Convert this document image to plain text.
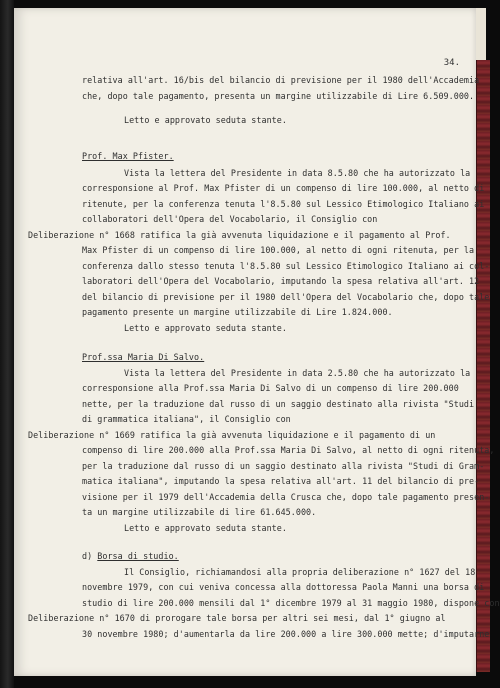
34.
relativa all'art. 16/bis del bilancio di previsione per il 1980 dell'Accademia
che, dopo tale pagamento, presenta un margine utilizzabile di Lire 6.509.000.
Letto e approvato seduta stante.
Prof. Max Pfister.
Vista la lettera del Presidente in data 8.5.80 che ha autorizzato la
corresponsione al Prof. Max Pfister di un compenso di lire 100.000, al netto di
ritenute, per la conferenza tenuta l'8.5.80 sul Lessico Etimologico Italiano ai
collaboratori dell'Opera del Vocabolario, il Consiglio con
Deliberazione n° 1668 ratifica la già avvenuta liquidazione e il pagamento al Prof.
Max Pfister di un compenso di lire 100.000, al netto di ogni ritenuta, per la
conferenza dallo stesso tenuta l'8.5.80 sul Lessico Etimologico Italiano ai col-
laboratori dell'Opera del Vocabolario, imputando la spesa relativa all'art. 12
del bilancio di previsione per il 1980 dell'Opera del Vocabolario che, dopo tale
pagamento presente un margine utilizzabile di Lire 1.824.000.
Letto e approvato seduta stante.
Prof.ssa Maria Di Salvo.
Vista la lettera del Presidente in data 2.5.80 che ha autorizzato la
corresponsione alla Prof.ssa Maria Di Salvo di un compenso di lire 200.000
nette, per la traduzione dal russo di un saggio destinato alla rivista "Studi
di grammatica italiana", il Consiglio con
Deliberazione n° 1669 ratifica la già avvenuta liquidazione e il pagamento di un
compenso di lire 200.000 alla Prof.ssa Maria Di Salvo, al netto di ogni ritenuta,
per la traduzione dal russo di un saggio destinato alla rivista "Studi di Gram-
matica italiana", imputando la spesa relativa all'art. 11 del bilancio di pre-
visione per il 1979 dell'Accademia della Crusca che, dopo tale pagamento presen-
ta un margine utilizzabile di lire 61.645.000.
Letto e approvato seduta stante.
d) Borsa di studio.
Il Consiglio, richiamandosi alla propria deliberazione n° 1627 del 18
novembre 1979, con cui veniva concessa alla dottoressa Paola Manni una borsa di
studio di lire 200.000 mensili dal 1° dicembre 1979 al 31 maggio 1980, dispone con
Deliberazione n° 1670 di prorogare tale borsa per altri sei mesi, dal 1° giugno al
30 novembre 1980; d'aumentarla da lire 200.000 a lire 300.000 mette; d'imputarne
